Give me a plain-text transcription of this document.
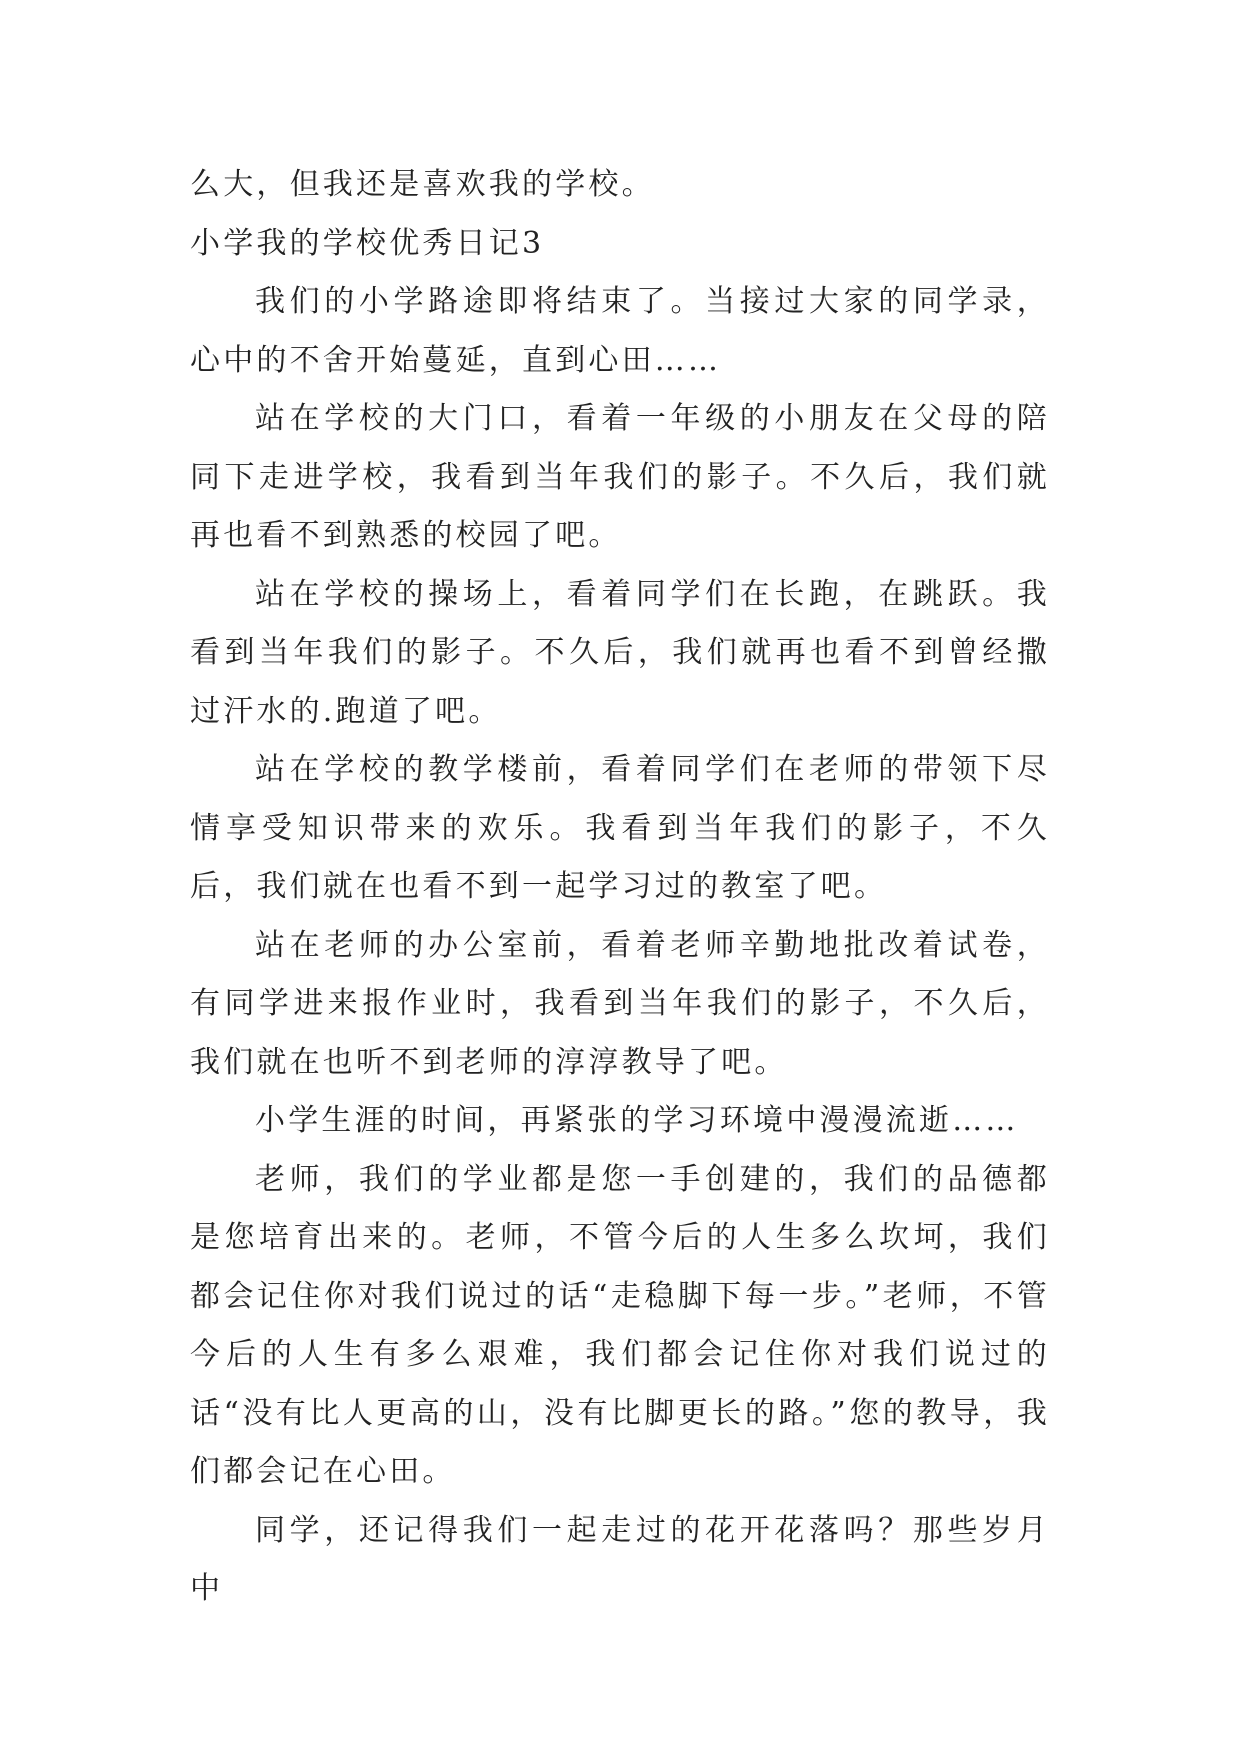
么大，但我还是喜欢我的学校。

小学我的学校优秀日记3

我们的小学路途即将结束了。当接过大家的同学录，心中的不舍开始蔓延，直到心田……

站在学校的大门口，看着一年级的小朋友在父母的陪同下走进学校，我看到当年我们的影子。不久后，我们就再也看不到熟悉的校园了吧。

站在学校的操场上，看着同学们在长跑，在跳跃。我看到当年我们的影子。不久后，我们就再也看不到曾经撒过汗水的.跑道了吧。

站在学校的教学楼前，看着同学们在老师的带领下尽情享受知识带来的欢乐。我看到当年我们的影子，不久后，我们就在也看不到一起学习过的教室了吧。

站在老师的办公室前，看着老师辛勤地批改着试卷，有同学进来报作业时，我看到当年我们的影子，不久后，我们就在也听不到老师的淳淳教导了吧。

小学生涯的时间，再紧张的学习环境中漫漫流逝……

老师，我们的学业都是您一手创建的，我们的品德都是您培育出来的。老师，不管今后的人生多么坎坷，我们都会记住你对我们说过的话“走稳脚下每一步。”老师，不管今后的人生有多么艰难，我们都会记住你对我们说过的话“没有比人更高的山，没有比脚更长的路。”您的教导，我们都会记在心田。

同学，还记得我们一起走过的花开花落吗？那些岁月中
